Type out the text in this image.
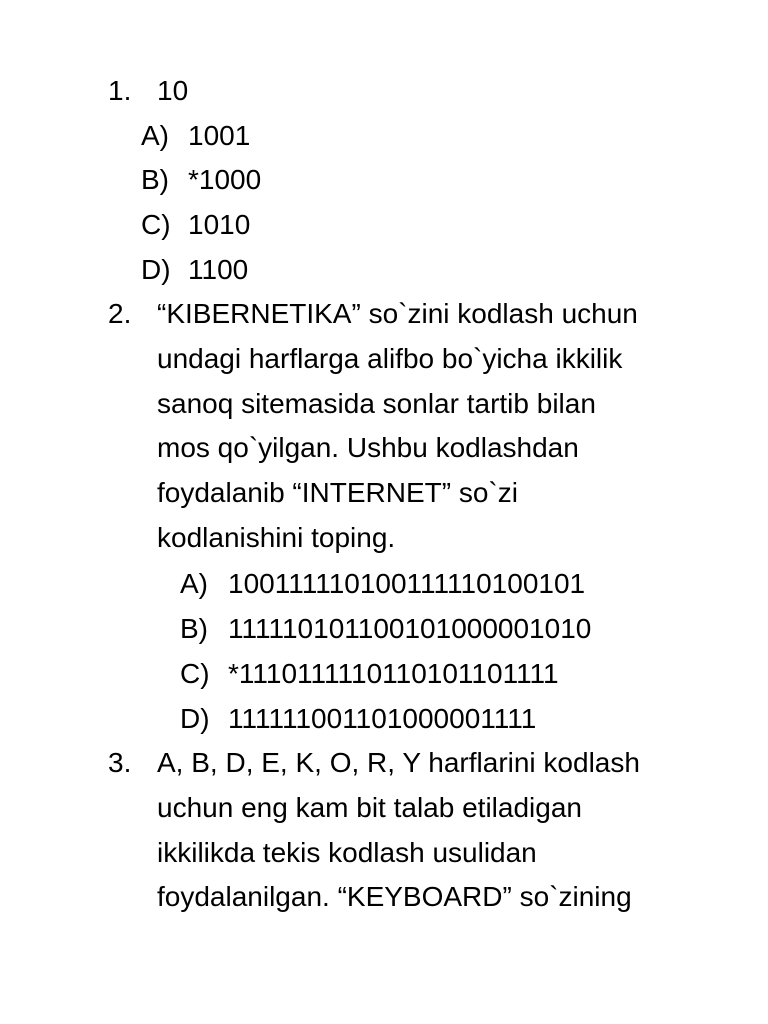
1. 10
A) 1001
B) *1000
C) 1010
D) 1100
2. “KIBERNETIKA” so`zini kodlash uchun
undagi harflarga alifbo bo`yicha ikkilik
sanoq sitemasida sonlar tartib bilan
mos qo`yilgan. Ushbu kodlashdan
foydalanib “INTERNET” so`zi
kodlanishini toping.
A) 100111110100111110100101
B) 111110101100101000001010
C) *1110111110110101101111
D) 111111001101000001111
3. A, B, D, E, K, O, R, Y harflarini kodlash
uchun eng kam bit talab etiladigan
ikkilikda tekis kodlash usulidan
foydalanilgan. “KEYBOARD” so`zining
